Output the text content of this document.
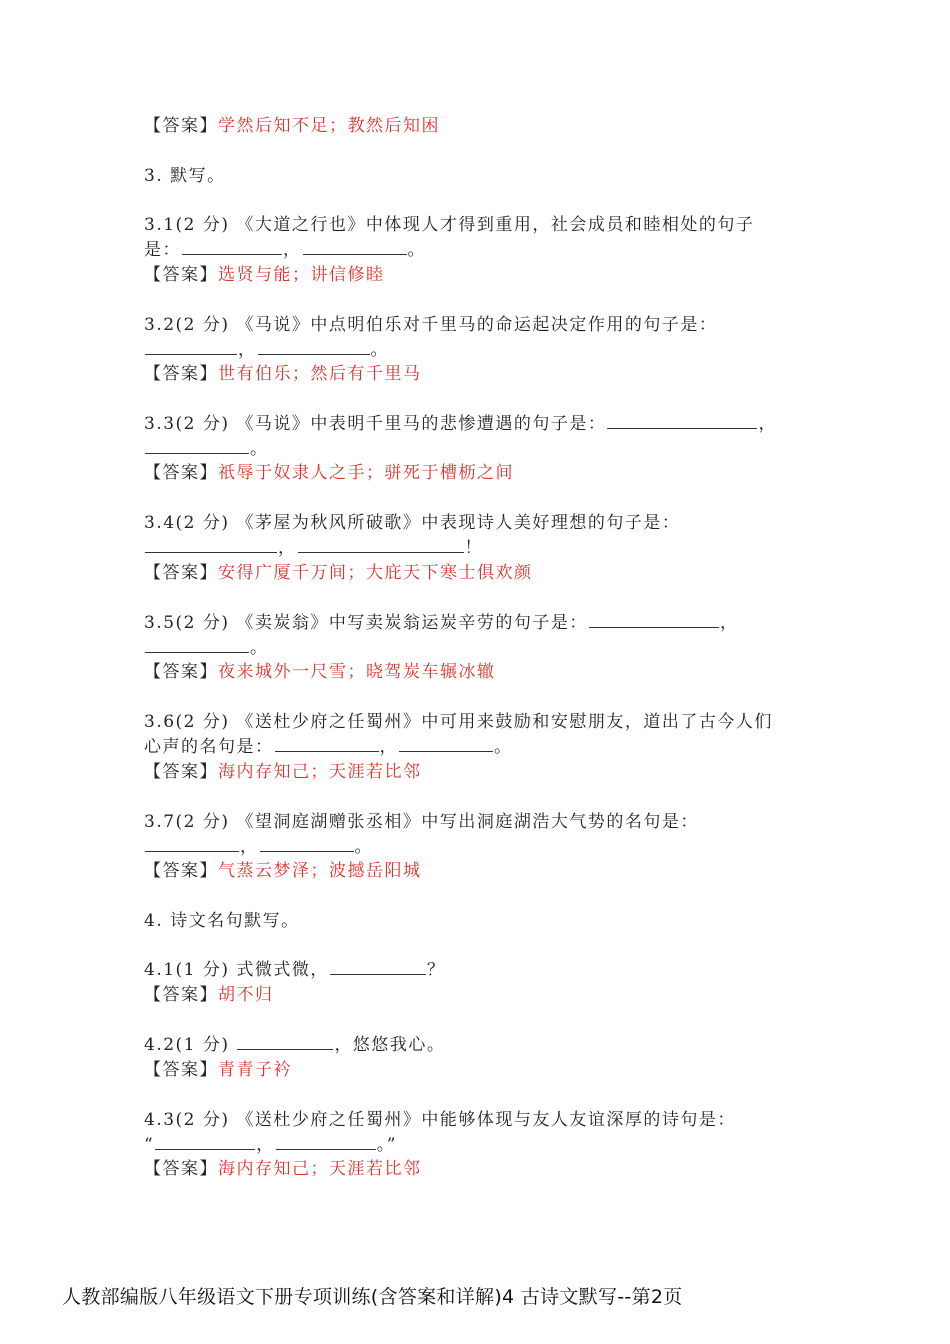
【答案】学然后知不足；教然后知困
3. 默写。
3.1(2 分) 《大道之行也》中体现人才得到重用，社会成员和睦相处的句子
是：	，	。
【答案】选贤与能；讲信修睦
3.2(2 分) 《马说》中点明伯乐对千里马的命运起决定作用的句子是：
，	。
【答案】世有伯乐；然后有千里马
3.3(2 分) 《马说》中表明千里马的悲惨遭遇的句子是：	，
。
【答案】祇辱于奴隶人之手；骈死于槽枥之间
3.4(2 分) 《茅屋为秋风所破歌》中表现诗人美好理想的句子是：
，	！
【答案】安得广厦千万间；大庇天下寒士俱欢颜
3.5(2 分) 《卖炭翁》中写卖炭翁运炭辛劳的句子是：	，
。
【答案】夜来城外一尺雪；晓驾炭车辗冰辙
3.6(2 分) 《送杜少府之任蜀州》中可用来鼓励和安慰朋友，道出了古今人们
心声的名句是：	，	。
【答案】海内存知己；天涯若比邻
3.7(2 分) 《望洞庭湖赠张丞相》中写出洞庭湖浩大气势的名句是：
，	。
【答案】气蒸云梦泽；波撼岳阳城
4. 诗文名句默写。
4.1(1 分) 式微式微，	？
【答案】胡不归
4.2(1 分)	，悠悠我心。
【答案】青青子衿
4.3(2 分) 《送杜少府之任蜀州》中能够体现与友人友谊深厚的诗句是：
“	，	。”
【答案】海内存知己；天涯若比邻
人教部编版八年级语文下册专项训练(含答案和详解)4 古诗文默写--第2页
